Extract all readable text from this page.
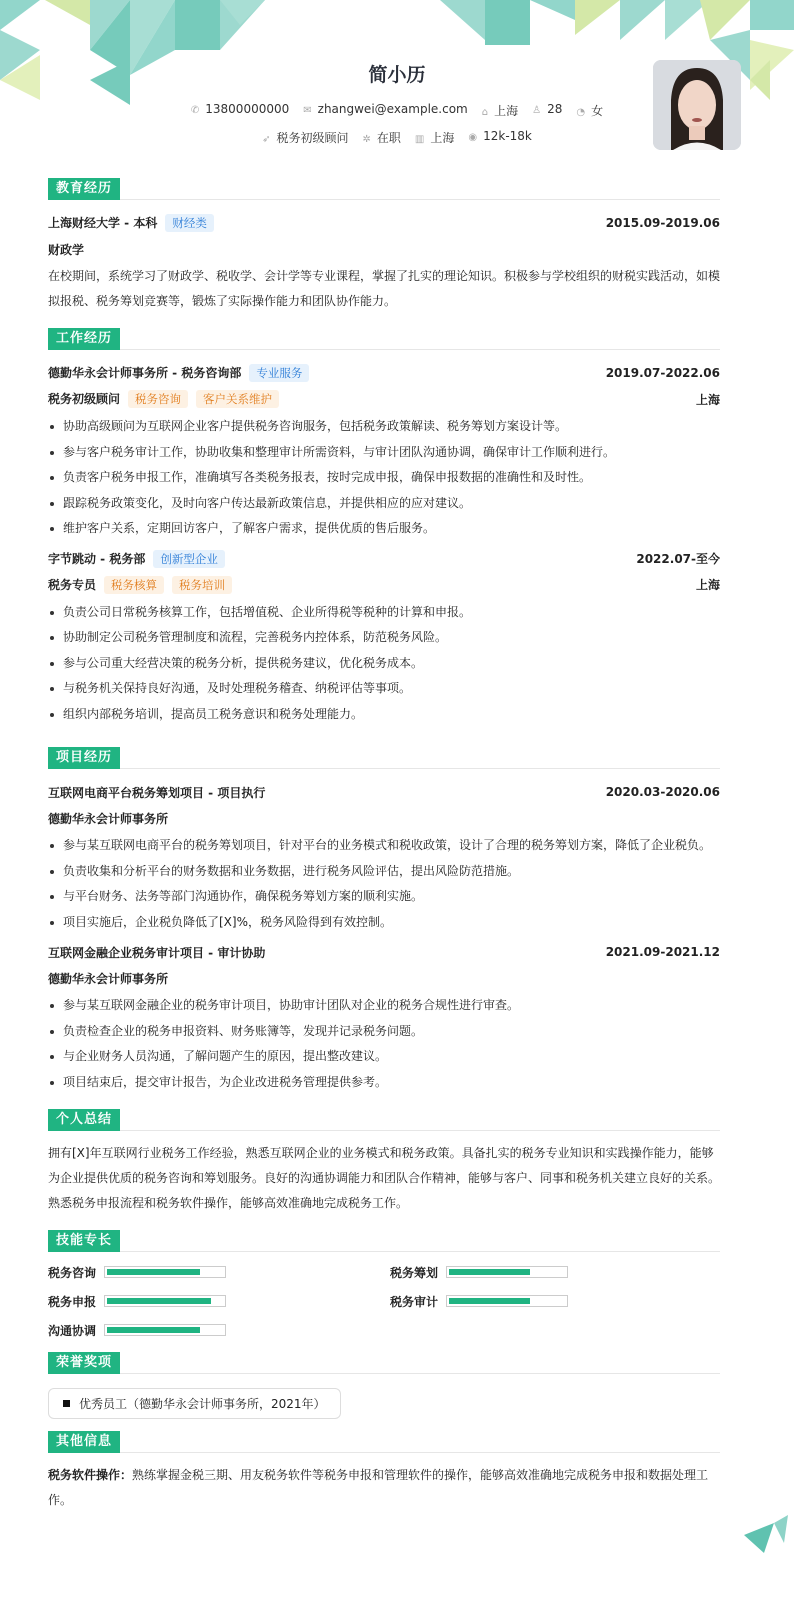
简小历
✆ 13800000000 ✉ zhangwei@example.com ⌂ 上海 ♙ 28 ◔ 女
➶ 税务初级顾问 ✲ 在职 ▥ 上海 ◉ 12k-18k
教育经历
上海财经大学 - 本科 财经类	2015.09-2019.06
财政学

在校期间，系统学习了财政学、税收学、会计学等专业课程，掌握了扎实的理论知识。积极参与学校组织的财税实践活动，如模拟报税、税务筹划竞赛等，锻炼了实际操作能力和团队协作能力。

工作经历
德勤华永会计师事务所 - 税务咨询部 专业服务	2019.07-2022.06
税务初级顾问 税务咨询 客户关系维护	上海
协助高级顾问为互联网企业客户提供税务咨询服务，包括税务政策解读、税务筹划方案设计等。
参与客户税务审计工作，协助收集和整理审计所需资料，与审计团队沟通协调，确保审计工作顺利进行。
负责客户税务申报工作，准确填写各类税务报表，按时完成申报，确保申报数据的准确性和及时性。
跟踪税务政策变化，及时向客户传达最新政策信息，并提供相应的应对建议。
维护客户关系，定期回访客户，了解客户需求，提供优质的售后服务。
字节跳动 - 税务部 创新型企业	2022.07-至今
税务专员 税务核算 税务培训	上海
负责公司日常税务核算工作，包括增值税、企业所得税等税种的计算和申报。
协助制定公司税务管理制度和流程，完善税务内控体系，防范税务风险。
参与公司重大经营决策的税务分析，提供税务建议，优化税务成本。
与税务机关保持良好沟通，及时处理税务稽查、纳税评估等事项。
组织内部税务培训，提高员工税务意识和税务处理能力。
项目经历
互联网电商平台税务筹划项目 - 项目执行	2020.03-2020.06
德勤华永会计师事务所
参与某互联网电商平台的税务筹划项目，针对平台的业务模式和税收政策，设计了合理的税务筹划方案，降低了企业税负。
负责收集和分析平台的财务数据和业务数据，进行税务风险评估，提出风险防范措施。
与平台财务、法务等部门沟通协作，确保税务筹划方案的顺利实施。
项目实施后，企业税负降低了[X]%，税务风险得到有效控制。
互联网金融企业税务审计项目 - 审计协助	2021.09-2021.12
德勤华永会计师事务所
参与某互联网金融企业的税务审计项目，协助审计团队对企业的税务合规性进行审查。
负责检查企业的税务申报资料、财务账簿等，发现并记录税务问题。
与企业财务人员沟通，了解问题产生的原因，提出整改建议。
项目结束后，提交审计报告，为企业改进税务管理提供参考。
个人总结

拥有[X]年互联网行业税务工作经验，熟悉互联网企业的业务模式和税务政策。具备扎实的税务专业知识和实践操作能力，能够为企业提供优质的税务咨询和筹划服务。良好的沟通协调能力和团队合作精神，能够与客户、同事和税务机关建立良好的关系。熟悉税务申报流程和税务软件操作，能够高效准确地完成税务工作。

技能专长
税务咨询	税务筹划
税务申报	税务审计
沟通协调
荣誉奖项
优秀员工（德勤华永会计师事务所，2021年）
其他信息

税务软件操作：熟练掌握金税三期、用友税务软件等税务申报和管理软件的操作，能够高效准确地完成税务申报和数据处理工作。
